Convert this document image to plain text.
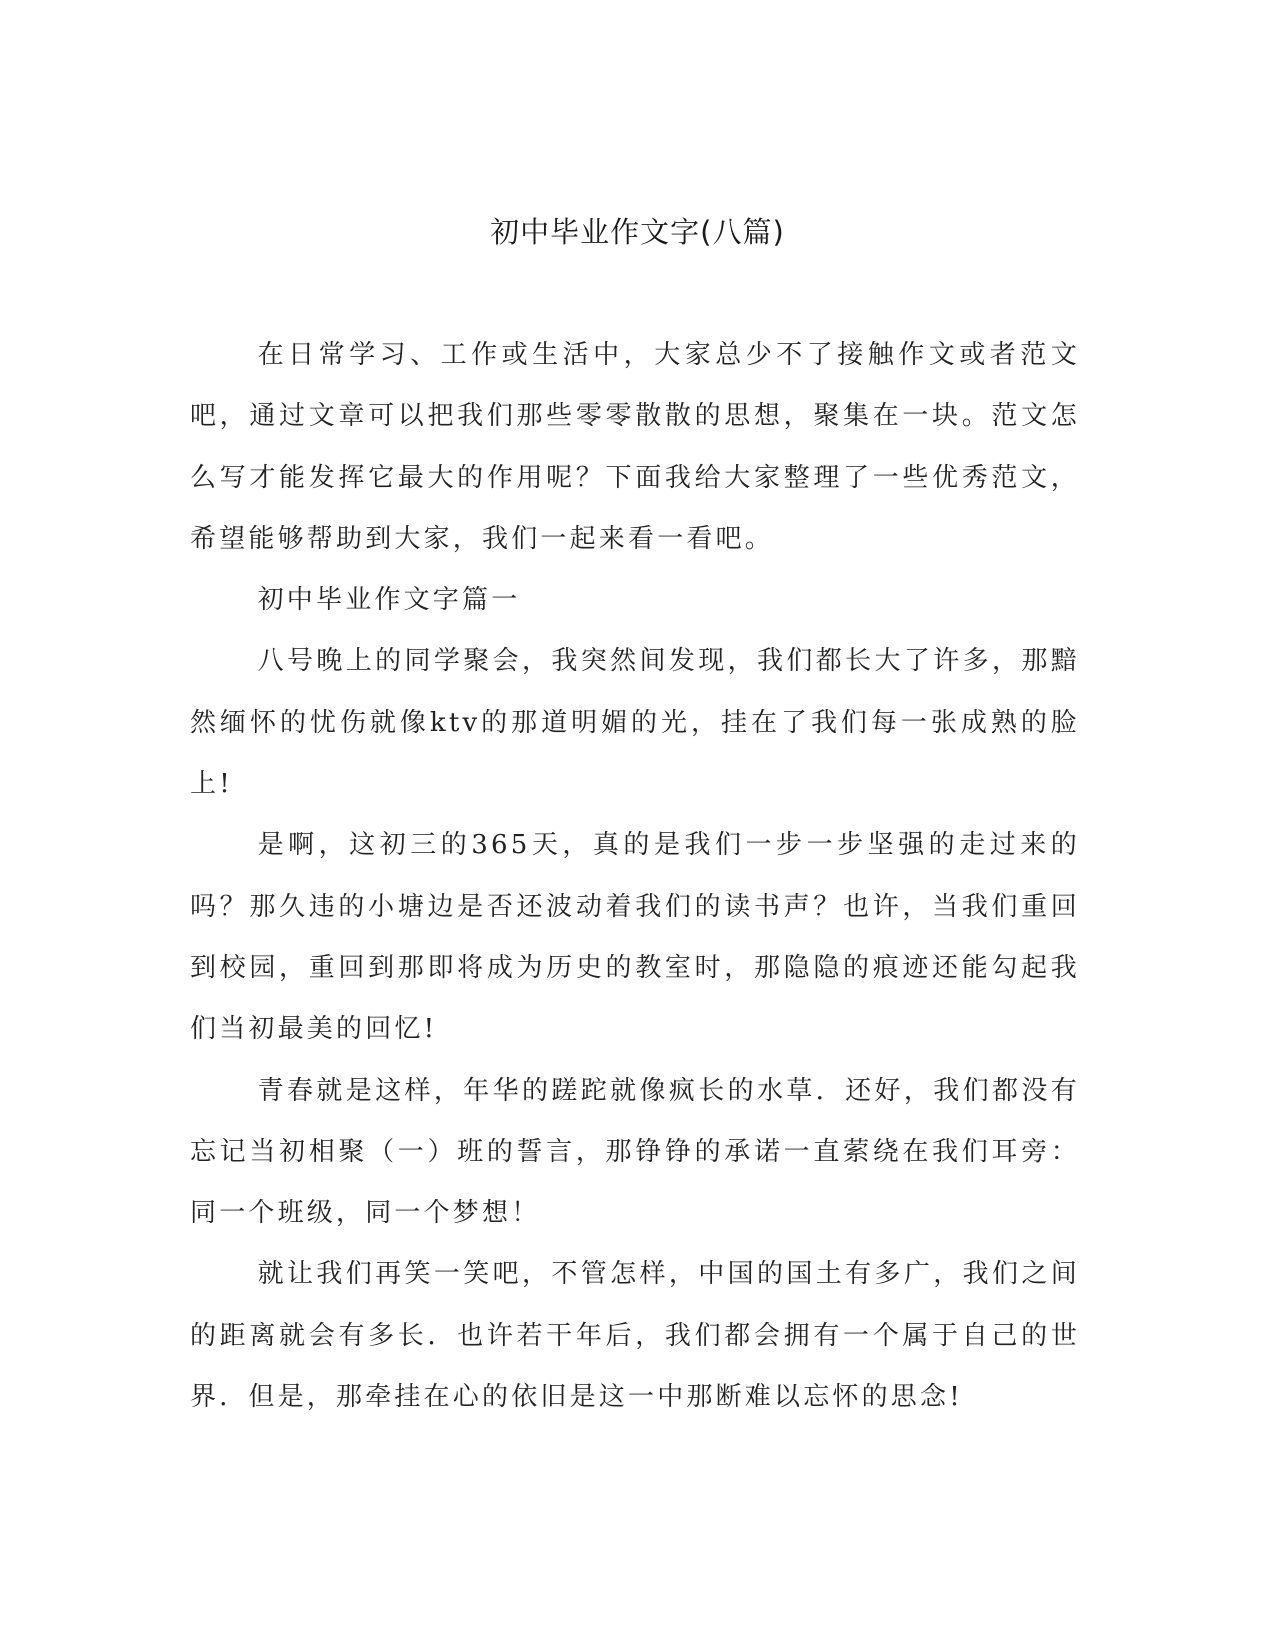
初中毕业作文字(八篇)

在日常学习、工作或生活中，大家总少不了接触作文或者范文吧，通过文章可以把我们那些零零散散的思想，聚集在一块。范文怎么写才能发挥它最大的作用呢？下面我给大家整理了一些优秀范文，希望能够帮助到大家，我们一起来看一看吧。

初中毕业作文字篇一

八号晚上的同学聚会，我突然间发现，我们都长大了许多，那黯然缅怀的忧伤就像ktv的那道明媚的光，挂在了我们每一张成熟的脸上!

是啊，这初三的365天，真的是我们一步一步坚强的走过来的吗？那久违的小塘边是否还波动着我们的读书声？也许，当我们重回到校园，重回到那即将成为历史的教室时，那隐隐的痕迹还能勾起我们当初最美的回忆!

青春就是这样，年华的蹉跎就像疯长的水草．还好，我们都没有忘记当初相聚（一）班的誓言，那铮铮的承诺一直萦绕在我们耳旁：同一个班级，同一个梦想！

就让我们再笑一笑吧，不管怎样，中国的国土有多广，我们之间的距离就会有多长．也许若干年后，我们都会拥有一个属于自己的世界．但是，那牵挂在心的依旧是这一中那断难以忘怀的思念!
